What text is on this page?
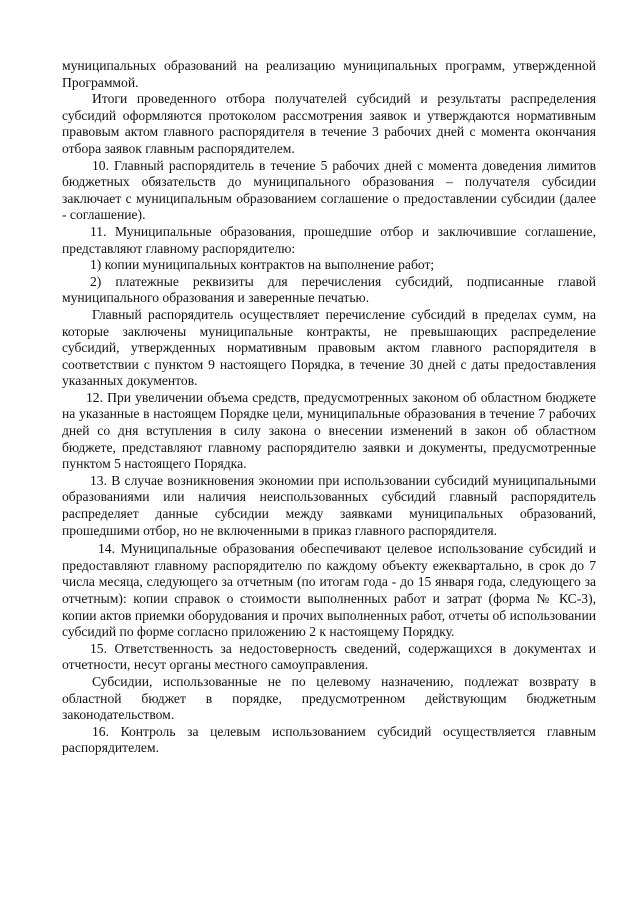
муниципальных образований на реализацию муниципальных программ, утвержденной Программой.

Итоги проведенного отбора получателей субсидий и результаты распределения субсидий оформляются протоколом рассмотрения заявок и утверждаются нормативным правовым актом главного распорядителя в течение 3 рабочих дней с момента окончания отбора заявок главным распорядителем.

10. Главный распорядитель в течение 5 рабочих дней с момента доведения лимитов бюджетных обязательств до муниципального образования – получателя субсидии заключает с муниципальным образованием соглашение о предоставлении субсидии (далее - соглашение).

11. Муниципальные образования, прошедшие отбор и заключившие соглашение, представляют главному распорядителю:

1) копии муниципальных контрактов на выполнение работ;

2) платежные реквизиты для перечисления субсидий, подписанные главой муниципального образования и заверенные печатью.

Главный распорядитель осуществляет перечисление субсидий в пределах сумм, на которые заключены муниципальные контракты, не превышающих распределение субсидий, утвержденных нормативным правовым актом главного распорядителя в соответствии с пунктом 9 настоящего Порядка, в течение 30 дней с даты предоставления указанных документов.

12. При увеличении объема средств, предусмотренных законом об областном бюджете на указанные в настоящем Порядке цели, муниципальные образования в течение 7 рабочих дней со дня вступления в силу закона о внесении изменений в закон об областном бюджете, представляют главному распорядителю заявки и документы, предусмотренные пунктом 5 настоящего Порядка.

13. В случае возникновения экономии при использовании субсидий муниципальными образованиями или наличия неиспользованных субсидий главный распорядитель распределяет данные субсидии между заявками муниципальных образований, прошедшими отбор, но не включенными в приказ главного распорядителя.

14. Муниципальные образования обеспечивают целевое использование субсидий и предоставляют главному распорядителю по каждому объекту ежеквартально, в срок до 7 числа месяца, следующего за отчетным (по итогам года - до 15 января года, следующего за отчетным): копии справок о стоимости выполненных работ и затрат (форма № КС-3), копии актов приемки оборудования и прочих выполненных работ, отчеты об использовании субсидий по форме согласно приложению 2 к настоящему Порядку.

15. Ответственность за недостоверность сведений, содержащихся в документах и отчетности, несут органы местного самоуправления.

Субсидии, использованные не по целевому назначению, подлежат возврату в областной бюджет в порядке, предусмотренном действующим бюджетным законодательством.

16. Контроль за целевым использованием субсидий осуществляется главным распорядителем.
